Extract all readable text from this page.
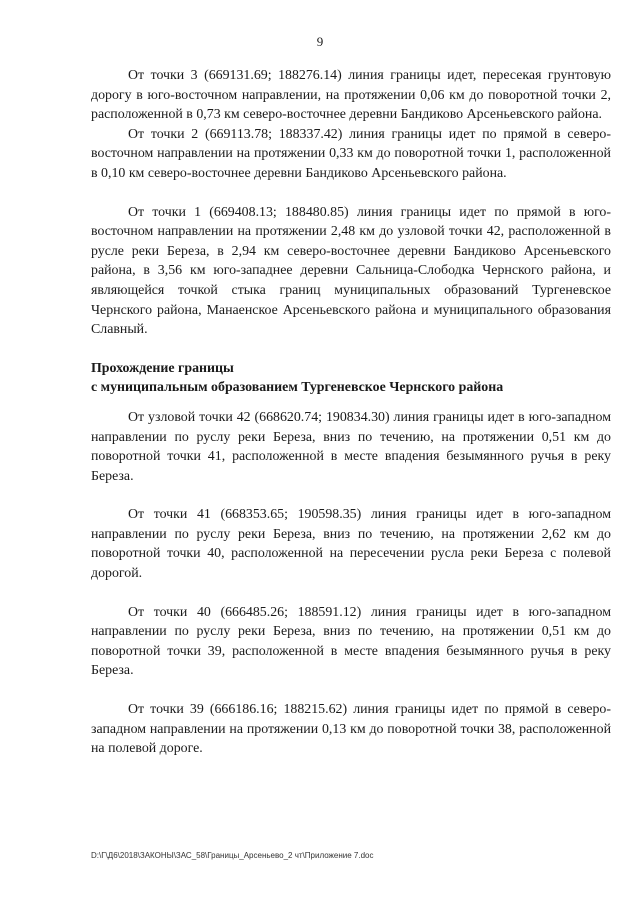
9

От точки 3 (669131.69; 188276.14) линия границы идет, пересекая грунтовую дорогу в юго-восточном направлении, на протяжении 0,06 км до поворотной точки 2, расположенной в 0,73 км северо-восточнее деревни Бандиково Арсеньевского района.

От точки 2 (669113.78; 188337.42) линия границы идет по прямой в северо-восточном направлении на протяжении 0,33 км до поворотной точки 1, расположенной в 0,10 км северо-восточнее деревни Бандиково Арсеньевского района.

От точки 1 (669408.13; 188480.85) линия границы идет по прямой в юго-восточном направлении на протяжении 2,48 км до узловой точки 42, расположенной в русле реки Береза, в 2,94 км северо-восточнее деревни Бандиково Арсеньевского района, в 3,56 км юго-западнее деревни Сальница-Слободка Чернского района, и являющейся точкой стыка границ муниципальных образований Тургеневское Чернского района, Манаенское Арсеньевского района и муниципального образования Славный.

Прохождение границы

с муниципальным образованием Тургеневское Чернского района

От узловой точки 42 (668620.74; 190834.30) линия границы идет в юго-западном направлении по руслу реки Береза, вниз по течению, на протяжении 0,51 км до поворотной точки 41, расположенной в месте впадения безымянного ручья в реку Береза.

От точки 41 (668353.65; 190598.35) линия границы идет в юго-западном направлении по руслу реки Береза, вниз по течению, на протяжении 2,62 км до поворотной точки 40, расположенной на пересечении русла реки Береза с полевой дорогой.

От точки 40 (666485.26; 188591.12) линия границы идет в юго-западном направлении по руслу реки Береза, вниз по течению, на протяжении 0,51 км до поворотной точки 39, расположенной в месте впадения безымянного ручья в реку Береза.

От точки 39 (666186.16; 188215.62) линия границы идет по прямой в северо-западном направлении на протяжении 0,13 км до поворотной точки 38, расположенной на полевой дороге.

D:\Г\Д6\2018\ЗАКОНЫ\ЗАС_58\Границы_Арсеньево_2 чт\Приложение 7.doc
